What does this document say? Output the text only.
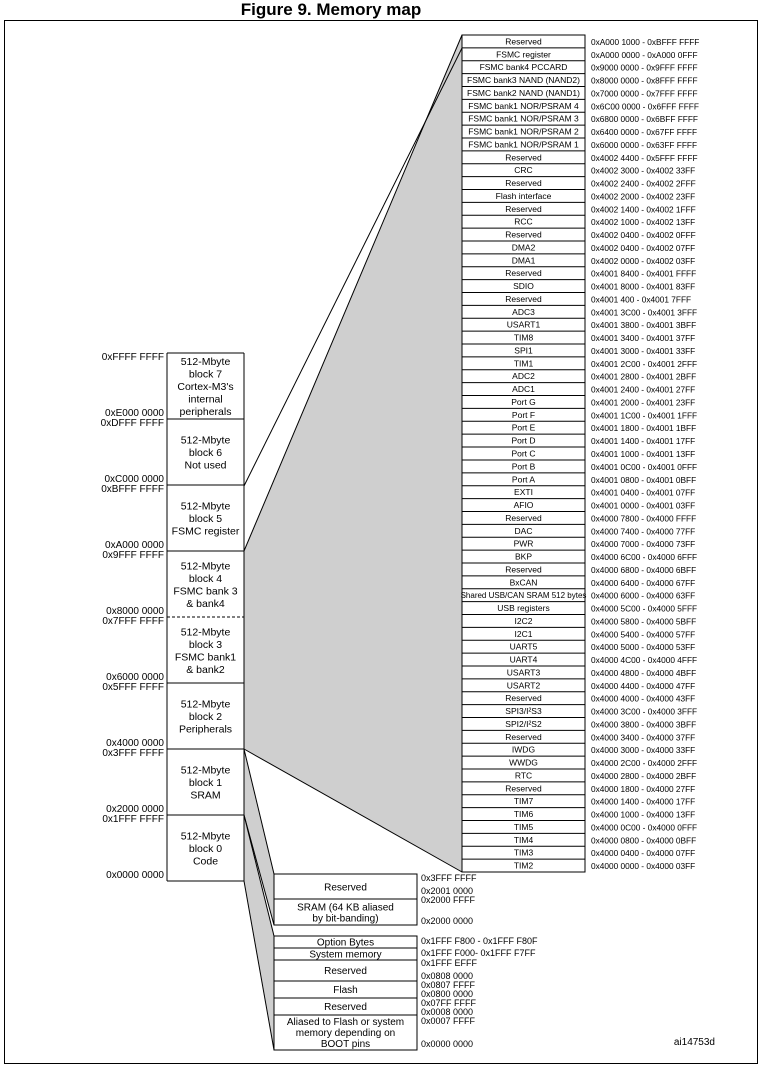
Figure 9. Memory map
512-Mbyte
block 7
Cortex-M3's
internal
peripherals
0xFFFF FFFF
0xE000 0000
512-Mbyte
block 6
Not used
0xDFFF FFFF
0xC000 0000
512-Mbyte
block 5
FSMC register
0xBFFF FFFF
0xA000 0000
512-Mbyte
block 4
FSMC bank 3
& bank4
0x9FFF FFFF
0x8000 0000
512-Mbyte
block 3
FSMC bank1
& bank2
0x7FFF FFFF
0x6000 0000
512-Mbyte
block 2
Peripherals
0x5FFF FFFF
0x4000 0000
512-Mbyte
block 1
SRAM
0x3FFF FFFF
0x2000 0000
512-Mbyte
block 0
Code
0x1FFF FFFF
0x0000 0000
Reserved	0xA000 1000 - 0xBFFF FFFF
FSMC register	0xA000 0000 - 0xA000 0FFF
FSMC bank4 PCCARD	0x9000 0000 - 0x9FFF FFFF
FSMC bank3 NAND (NAND2) 0x8000 0000 - 0x8FFF FFFF
FSMC bank2 NAND (NAND1) 0x7000 0000 - 0x7FFF FFFF
FSMC bank1 NOR/PSRAM 4 0x6C00 0000 - 0x6FFF FFFF
FSMC bank1 NOR/PSRAM 3 0x6800 0000 - 0x6BFF FFFF
FSMC bank1 NOR/PSRAM 2 0x6400 0000 - 0x67FF FFFF
FSMC bank1 NOR/PSRAM 1 0x6000 0000 - 0x63FF FFFF
Reserved	0x4002 4400 - 0x5FFF FFFF
CRC	0x4002 3000 - 0x4002 33FF
Reserved	0x4002 2400 - 0x4002 2FFF
Flash interface	0x4002 2000 - 0x4002 23FF
Reserved	0x4002 1400 - 0x4002 1FFF
RCC	0x4002 1000 - 0x4002 13FF
Reserved	0x4002 0400 - 0x4002 0FFF
DMA2	0x4002 0400 - 0x4002 07FF
DMA1	0x4002 0000 - 0x4002 03FF
Reserved	0x4001 8400 - 0x4001 FFFF
SDIO	0x4001 8000 - 0x4001 83FF
Reserved	0x4001 400 - 0x4001 7FFF
ADC3	0x4001 3C00 - 0x4001 3FFF
USART1	0x4001 3800 - 0x4001 3BFF
TIM8	0x4001 3400 - 0x4001 37FF
SPI1	0x4001 3000 - 0x4001 33FF
TIM1	0x4001 2C00 - 0x4001 2FFF
ADC2	0x4001 2800 - 0x4001 2BFF
ADC1	0x4001 2400 - 0x4001 27FF
Port G	0x4001 2000 - 0x4001 23FF
Port F	0x4001 1C00 - 0x4001 1FFF
Port E	0x4001 1800 - 0x4001 1BFF
Port D	0x4001 1400 - 0x4001 17FF
Port C	0x4001 1000 - 0x4001 13FF
Port B	0x4001 0C00 - 0x4001 0FFF
Port A	0x4001 0800 - 0x4001 0BFF
EXTI	0x4001 0400 - 0x4001 07FF
AFIO	0x4001 0000 - 0x4001 03FF
Reserved	0x4000 7800 - 0x4000 FFFF
DAC	0x4000 7400 - 0x4000 77FF
PWR	0x4000 7000 - 0x4000 73FF
BKP	0x4000 6C00 - 0x4000 6FFF
Reserved	0x4000 6800 - 0x4000 6BFF
BxCAN	0x4000 6400 - 0x4000 67FF
Shared USB/CAN SRAM 512 bytes 0x4000 6000 - 0x4000 63FF
USB registers	0x4000 5C00 - 0x4000 5FFF
I2C2	0x4000 5800 - 0x4000 5BFF
I2C1	0x4000 5400 - 0x4000 57FF
UART5	0x4000 5000 - 0x4000 53FF
UART4	0x4000 4C00 - 0x4000 4FFF
USART3	0x4000 4800 - 0x4000 4BFF
USART2	0x4000 4400 - 0x4000 47FF
Reserved	0x4000 4000 - 0x4000 43FF
SPI3/I²S3	0x4000 3C00 - 0x4000 3FFF
SPI2/I²S2	0x4000 3800 - 0x4000 3BFF
Reserved	0x4000 3400 - 0x4000 37FF
IWDG	0x4000 3000 - 0x4000 33FF
WWDG	0x4000 2C00 - 0x4000 2FFF
RTC	0x4000 2800 - 0x4000 2BFF
Reserved	0x4000 1800 - 0x4000 27FF
TIM7	0x4000 1400 - 0x4000 17FF
TIM6	0x4000 1000 - 0x4000 13FF
TIM5	0x4000 0C00 - 0x4000 0FFF
TIM4	0x4000 0800 - 0x4000 0BFF
TIM3	0x4000 0400 - 0x4000 07FF
TIM2	0x4000 0000 - 0x4000 03FF
Reserved
SRAM (64 KB aliased
by bit-banding)
0x3FFF FFFF
0x2001 0000
0x2000 FFFF
0x2000 0000
Option Bytes
System memory
Reserved
Flash
Reserved
Aliased to Flash or system
memory depending on
BOOT pins
0x1FFF F800 - 0x1FFF F80F
0x1FFF F000- 0x1FFF F7FF
0x1FFF EFFF
0x0808 0000
0x0807 FFFF
0x0800 0000
0x07FF FFFF
0x0008 0000
0x0007 FFFF
0x0000 0000	ai14753d
